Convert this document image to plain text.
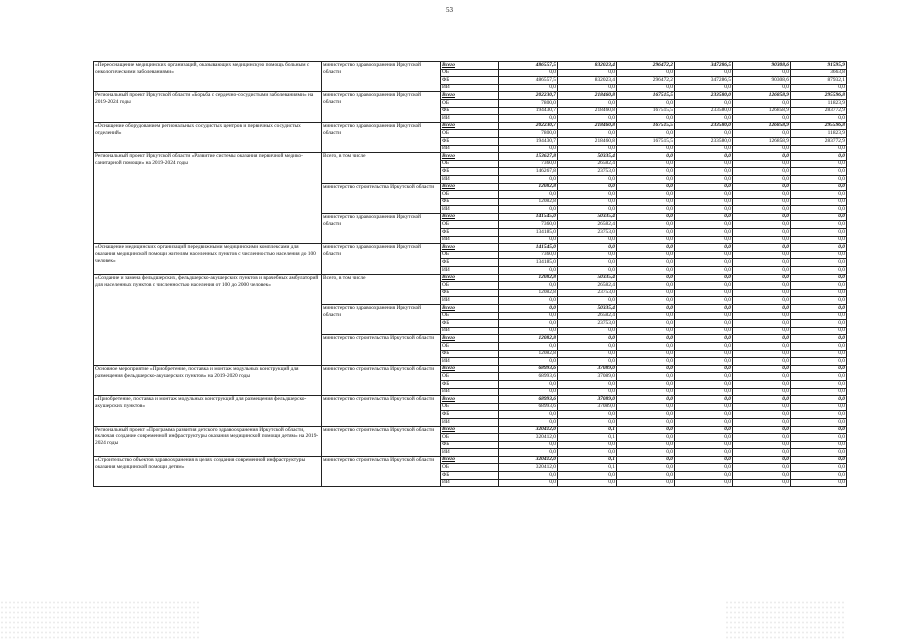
53
«Переоснащение медицинских организаций, оказывающих медицинскую помощь больным с онкологическими заболеваниями»	министерство здравоохранения Иркутской области	Всего	486557,5	832023,4	296472,2	347286,5	90308,6	91595,9
		ОБ	0,0	0,0	0,0	0,0	0,0	3663,8
		ФБ	486557,5	832023,4	296472,2	347286,5	90308,6	87932,1
		ИИ	0,0	0,0	0,0	0,0	0,0	0,0
Региональный проект Иркутской области «Борьба с сердечно-сосудистыми заболеваниями» на 2019-2024 годы	министерство здравоохранения Иркутской области	Всего	202230,7	218460,8	167515,5	233580,0	126858,9	295596,8
		ОБ	7800,0	0,0	0,0	0,0	0,0	11823,9
		ФБ	194430,7	218460,8	167515,5	233580,0	126858,9	283772,9
		ИИ	0,0	0,0	0,0	0,0	0,0	0,0
«Оснащение оборудованием региональных сосудистых центров и первичных сосудистых отделений»	министерство здравоохранения Иркутской области	Всего	202230,7	218460,8	167515,5	233580,0	126858,9	295596,8
		ОБ	7800,0	0,0	0,0	0,0	0,0	11823,9
		ФБ	194430,7	218460,8	167515,5	233580,0	126858,9	283772,9
		ИИ	0,0	0,0	0,0	0,0	0,0	0,0
Региональный проект Иркутской области «Развитие системы оказания первичной медико-санитарной помощи» на 2019-2024 годы	Всего, в том числе	Всего	153627,8	50335,4	0,0	0,0	0,0	0,0
		ОБ	7360,0	26582,4	0,0	0,0	0,0	0,0
		ФБ	146267,8	23753,0	0,0	0,0	0,0	0,0
		ИИ	0,0	0,0	0,0	0,0	0,0	0,0
	министерство строительства Иркутской области	Всего	12082,8	0,0	0,0	0,0	0,0	0,0
		ОБ	0,0	0,0	0,0	0,0	0,0	0,0
		ФБ	12082,8	0,0	0,0	0,0	0,0	0,0
		ИИ	0,0	0,0	0,0	0,0	0,0	0,0
	министерство здравоохранения Иркутской области	Всего	141545,0	50335,4	0,0	0,0	0,0	0,0
		ОБ	7360,0	26582,4	0,0	0,0	0,0	0,0
		ФБ	134185,0	23753,0	0,0	0,0	0,0	0,0
		ИИ	0,0	0,0	0,0	0,0	0,0	0,0
«Оснащение медицинских организаций передвижными медицинскими комплексами для оказания медицинской помощи жителям населенных пунктов с численностью населения до 100 человек»	министерство здравоохранения Иркутской области	Всего	141545,0	0,0	0,0	0,0	0,0	0,0
		ОБ	7360,0	0,0	0,0	0,0	0,0	0,0
		ФБ	134185,0	0,0	0,0	0,0	0,0	0,0
		ИИ	0,0	0,0	0,0	0,0	0,0	0,0
«Создание и замена фельдшерских, фельдшерско-акушерских пунктов и врачебных амбулаторий для населенных пунктов с численностью населения от 100 до 2000 человек»	Всего, в том числе	Всего	12082,8	50335,4	0,0	0,0	0,0	0,0
		ОБ	0,0	26582,4	0,0	0,0	0,0	0,0
		ФБ	12082,8	23753,0	0,0	0,0	0,0	0,0
		ИИ	0,0	0,0	0,0	0,0	0,0	0,0
	министерство здравоохранения Иркутской области	Всего	0,0	50335,4	0,0	0,0	0,0	0,0
		ОБ	0,0	26582,4	0,0	0,0	0,0	0,0
		ФБ	0,0	23753,0	0,0	0,0	0,0	0,0
		ИИ	0,0	0,0	0,0	0,0	0,0	0,0
	министерство строительства Иркутской области	Всего	12082,8	0,0	0,0	0,0	0,0	0,0
		ОБ	0,0	0,0	0,0	0,0	0,0	0,0
		ФБ	12082,8	0,0	0,0	0,0	0,0	0,0
		ИИ	0,0	0,0	0,0	0,0	0,0	0,0
Основное мероприятие «Приобретение, поставка и монтаж модульных конструкций для размещения фельдшерско-акушерских пунктов» на 2019-2020 годы	министерство строительства Иркутской области	Всего	68993,6	37089,0	0,0	0,0	0,0	0,0
		ОБ	68993,6	37089,0	0,0	0,0	0,0	0,0
		ФБ	0,0	0,0	0,0	0,0	0,0	0,0
		ИИ	0,0	0,0	0,0	0,0	0,0	0,0
«Приобретение, поставка и монтаж модульных конструкций для размещения фельдшерско-акушерских пунктов»	министерство строительства Иркутской области	Всего	68993,6	37089,0	0,0	0,0	0,0	0,0
		ОБ	68993,6	37089,0	0,0	0,0	0,0	0,0
		ФБ	0,0	0,0	0,0	0,0	0,0	0,0
		ИИ	0,0	0,0	0,0	0,0	0,0	0,0
Региональный проект «Программа развития детского здравоохранения Иркутской области, включая создание современной инфраструктуры оказания медицинской помощи детям» на 2019-2024 годы	министерство строительства Иркутской области	Всего	320412,0	0,1	0,0	0,0	0,0	0,0
		ОБ	320412,0	0,1	0,0	0,0	0,0	0,0
		ФБ	0,0	0,0	0,0	0,0	0,0	0,0
		ИИ	0,0	0,0	0,0	0,0	0,0	0,0
«Строительство объектов здравоохранения в целях создания современной инфраструктуры оказания медицинской помощи детям»	министерство строительства Иркутской области	Всего	320412,0	0,1	0,0	0,0	0,0	0,0
		ОБ	320412,0	0,1	0,0	0,0	0,0	0,0
		ФБ	0,0	0,0	0,0	0,0	0,0	0,0
		ИИ	0,0	0,0	0,0	0,0	0,0	0,0
